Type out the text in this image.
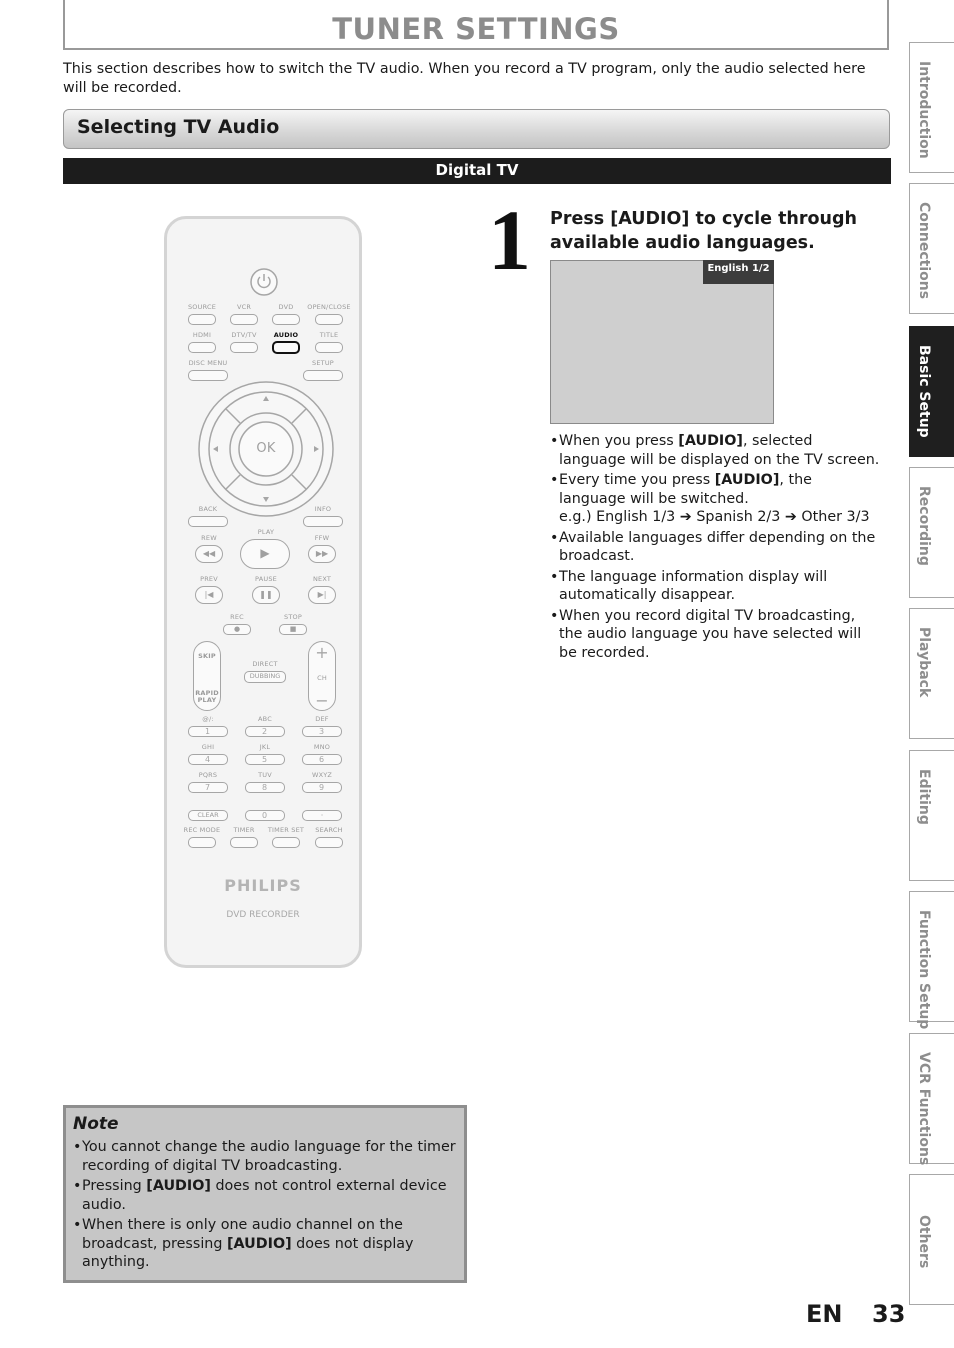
TUNER SETTINGS
This section describes how to switch the TV audio. When you record a TV program, only the audio selected here will be recorded.
Selecting TV Audio
Digital TV
SOURCE	VCR	DVD	OPEN/CLOSE
HDMI	DTV/TV	AUDIO	TITLE
DISC MENU	SETUP
OK
BACK	INFO
REW
PLAY
FFW
◀◀	▶	▶▶
PREV	PAUSE	NEXT
|◀	❚❚	▶|
REC	STOP
●	■
SKIP
RAPID PLAY
DIRECT
DUBBING
+
CH
−
@/:	ABC	DEF
1	2	3
GHI	JKL	MNO
4	5	6
PQRS	TUV	WXYZ
7	8	9
CLEAR	0	·
REC MODE	TIMER	TIMER SET	SEARCH
PHILIPS
DVD RECORDER
1 Press [AUDIO] to cycle through available audio languages.
English 1/2
• When you press [AUDIO], selected language will be displayed on the TV screen.
• Every time you press [AUDIO], the language will be switched.
e.g.) English 1/3 ➔ Spanish 2/3 ➔ Other 3/3
• Available languages differ depending on the broadcast.
• The language information display will automatically disappear.
• When you record digital TV broadcasting, the audio language you have selected will be recorded.
Note
• You cannot change the audio language for the timer recording of digital TV broadcasting.
• Pressing [AUDIO] does not control external device audio.
• When there is only one audio channel on the broadcast, pressing [AUDIO] does not display anything.
Introduction
Connections
Basic Setup
Recording
Playback
Editing
Function Setup
VCR Functions
Others
EN 33
